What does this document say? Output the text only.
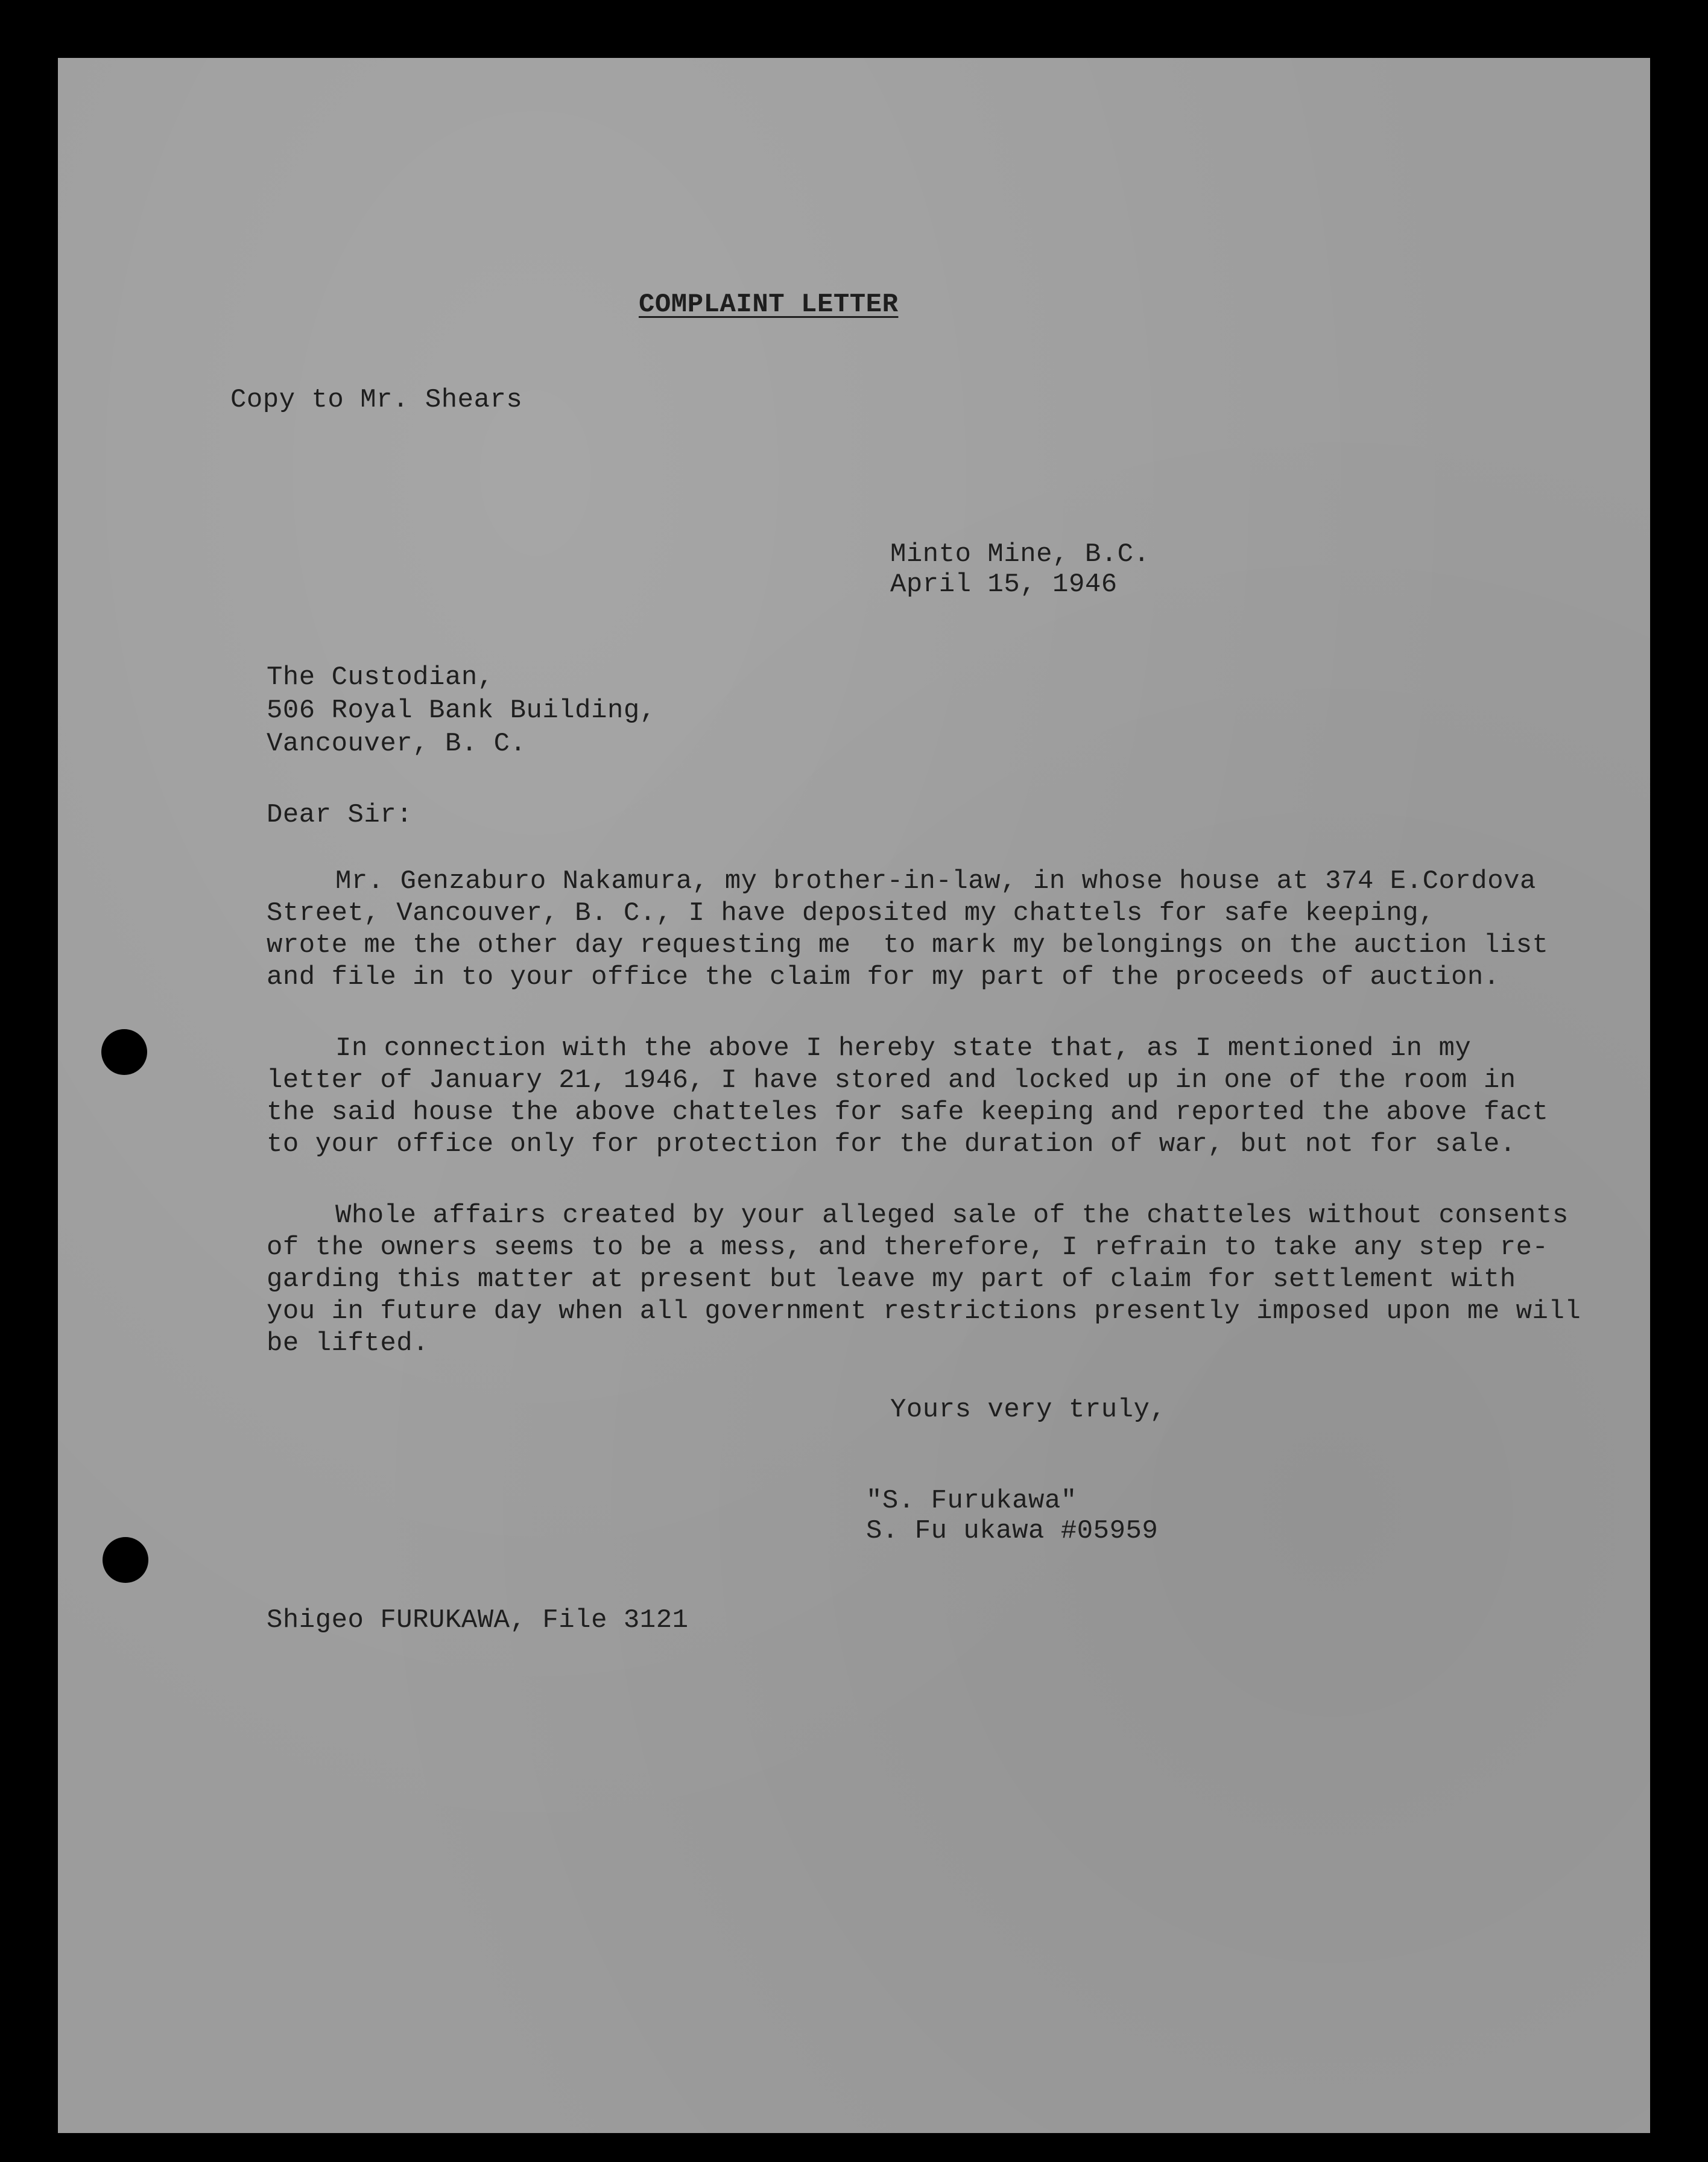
COMPLAINT LETTER

Copy to Mr. Shears

Minto Mine, B.C.

April 15, 1946

The Custodian,

506 Royal Bank Building,

Vancouver, B. C.

Dear Sir:

Mr. Genzaburo Nakamura, my brother-in-law, in whose house at 374 E.Cordova

Street, Vancouver, B. C., I have deposited my chattels for safe keeping,

wrote me the other day requesting me  to mark my belongings on the auction list

and file in to your office the claim for my part of the proceeds of auction.

In connection with the above I hereby state that, as I mentioned in my

letter of January 21, 1946, I have stored and locked up in one of the room in

the said house the above chatteles for safe keeping and reported the above fact

to your office only for protection for the duration of war, but not for sale.

Whole affairs created by your alleged sale of the chatteles without consents

of the owners seems to be a mess, and therefore, I refrain to take any step re-

garding this matter at present but leave my part of claim for settlement with

you in future day when all government restrictions presently imposed upon me will

be lifted.

Yours very truly,

"S. Furukawa"

S. Fu ukawa #05959

Shigeo FURUKAWA, File 3121
